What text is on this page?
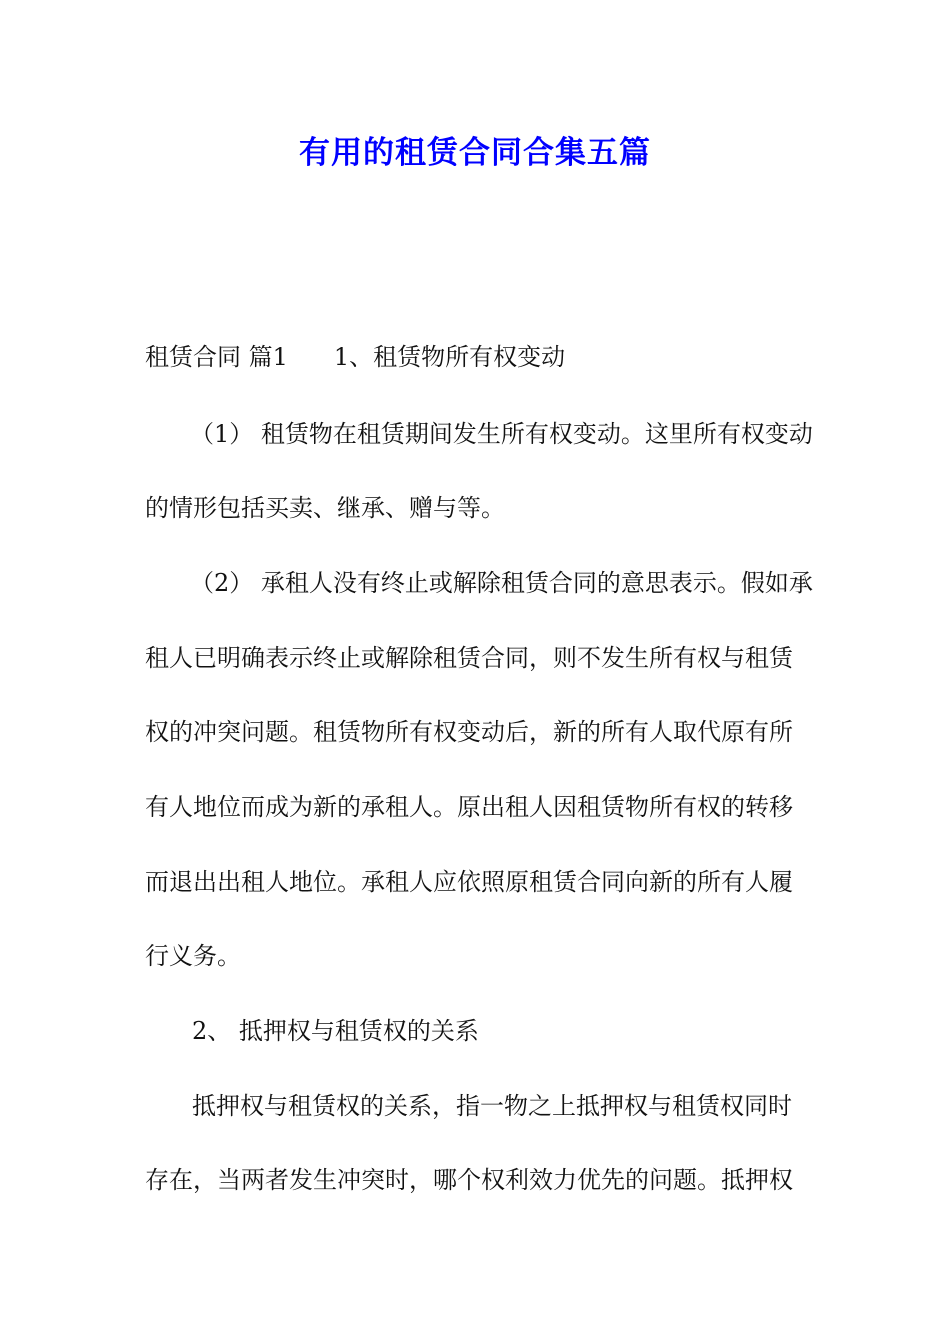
有用的租赁合同合集五篇
租赁合同 篇1 1、租赁物所有权变动
（1） 租赁物在租赁期间发生所有权变动。这里所有权变动
的情形包括买卖、继承、赠与等。
（2） 承租人没有终止或解除租赁合同的意思表示。假如承
租人已明确表示终止或解除租赁合同，则不发生所有权与租赁
权的冲突问题。租赁物所有权变动后，新的所有人取代原有所
有人地位而成为新的承租人。原出租人因租赁物所有权的转移
而退出出租人地位。承租人应依照原租赁合同向新的所有人履
行义务。
2、 抵押权与租赁权的关系
抵押权与租赁权的关系，指一物之上抵押权与租赁权同时
存在，当两者发生冲突时，哪个权利效力优先的问题。抵押权
